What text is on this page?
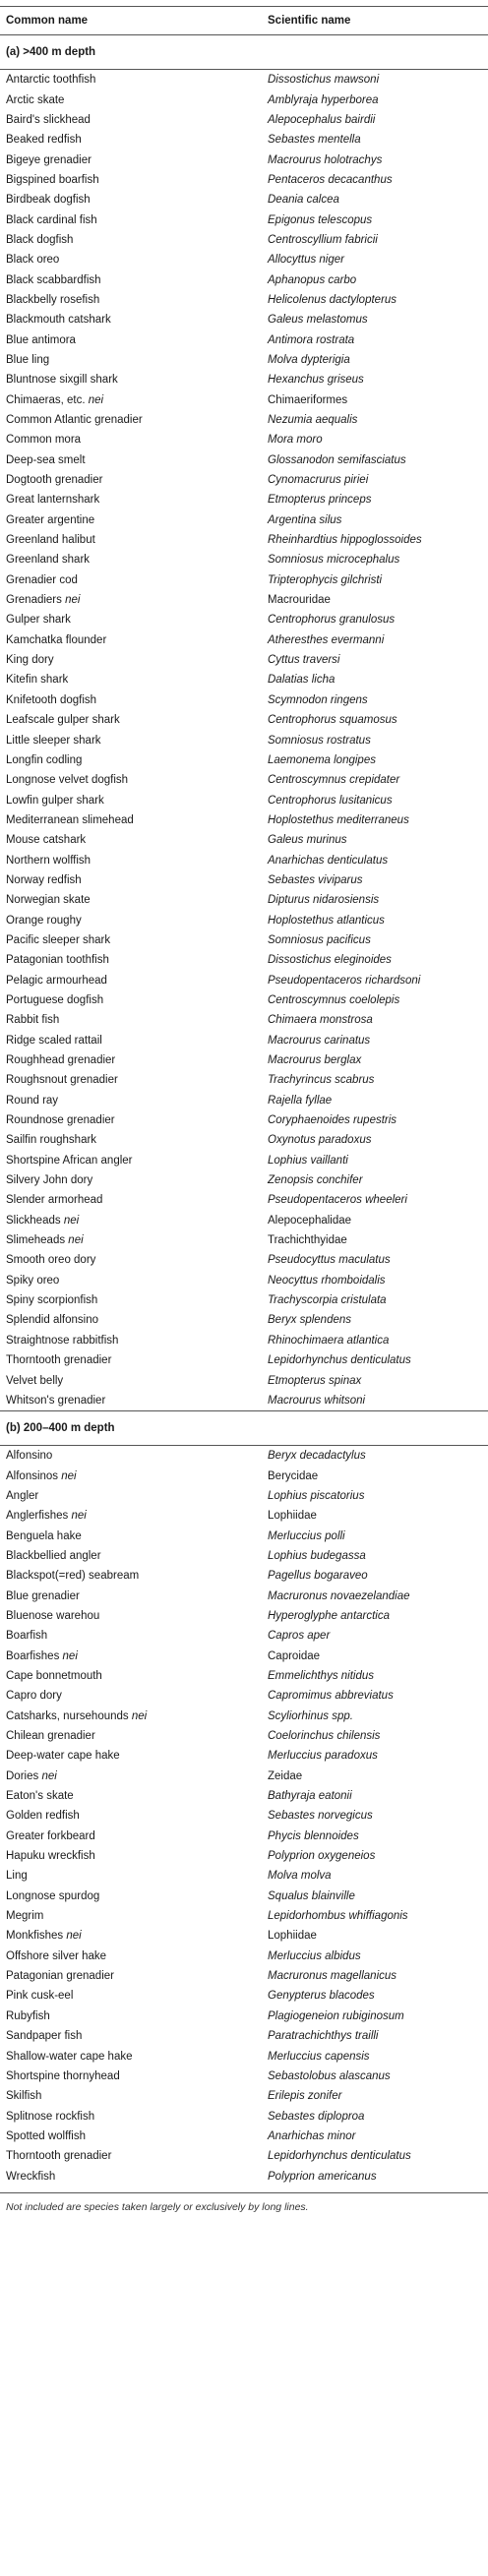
Common name	Scientific name
(a) >400 m depth	
Antarctic toothfish	Dissostichus mawsoni
Arctic skate	Amblyraja hyperborea
Baird's slickhead	Alepocephalus bairdii
Beaked redfish	Sebastes mentella
Bigeye grenadier	Macrourus holotrachys
Bigspined boarfish	Pentaceros decacanthus
Birdbeak dogfish	Deania calcea
Black cardinal fish	Epigonus telescopus
Black dogfish	Centroscyllium fabricii
Black oreo	Allocyttus niger
Black scabbardfish	Aphanopus carbo
Blackbelly rosefish	Helicolenus dactylopterus
Blackmouth catshark	Galeus melastomus
Blue antimora	Antimora rostrata
Blue ling	Molva dypterigia
Bluntnose sixgill shark	Hexanchus griseus
Chimaeras, etc. nei	Chimaeriformes
Common Atlantic grenadier	Nezumia aequalis
Common mora	Mora moro
Deep-sea smelt	Glossanodon semifasciatus
Dogtooth grenadier	Cynomacrurus piriei
Great lanternshark	Etmopterus princeps
Greater argentine	Argentina silus
Greenland halibut	Rheinhardtius hippoglossoides
Greenland shark	Somniosus microcephalus
Grenadier cod	Tripterophycis gilchristi
Grenadiers nei	Macrouridae
Gulper shark	Centrophorus granulosus
Kamchatka flounder	Atheresthes evermanni
King dory	Cyttus traversi
Kitefin shark	Dalatias licha
Knifetooth dogfish	Scymnodon ringens
Leafscale gulper shark	Centrophorus squamosus
Little sleeper shark	Somniosus rostratus
Longfin codling	Laemonema longipes
Longnose velvet dogfish	Centroscymnus crepidater
Lowfin gulper shark	Centrophorus lusitanicus
Mediterranean slimehead	Hoplostethus mediterraneus
Mouse catshark	Galeus murinus
Northern wolffish	Anarhichas denticulatus
Norway redfish	Sebastes viviparus
Norwegian skate	Dipturus nidarosiensis
Orange roughy	Hoplostethus atlanticus
Pacific sleeper shark	Somniosus pacificus
Patagonian toothfish	Dissostichus eleginoides
Pelagic armourhead	Pseudopentaceros richardsoni
Portuguese dogfish	Centroscymnus coelolepis
Rabbit fish	Chimaera monstrosa
Ridge scaled rattail	Macrourus carinatus
Roughhead grenadier	Macrourus berglax
Roughsnout grenadier	Trachyrincus scabrus
Round ray	Rajella fyllae
Roundnose grenadier	Coryphaenoides rupestris
Sailfin roughshark	Oxynotus paradoxus
Shortspine African angler	Lophius vaillanti
Silvery John dory	Zenopsis conchifer
Slender armorhead	Pseudopentaceros wheeleri
Slickheads nei	Alepocephalidae
Slimeheads nei	Trachichthyidae
Smooth oreo dory	Pseudocyttus maculatus
Spiky oreo	Neocyttus rhomboidalis
Spiny scorpionfish	Trachyscorpia cristulata
Splendid alfonsino	Beryx splendens
Straightnose rabbitfish	Rhinochimaera atlantica
Thorntooth grenadier	Lepidorhynchus denticulatus
Velvet belly	Etmopterus spinax
Whitson's grenadier	Macrourus whitsoni
(b) 200–400 m depth	
Alfonsino	Beryx decadactylus
Alfonsinos nei	Berycidae
Angler	Lophius piscatorius
Anglerfishes nei	Lophiidae
Benguela hake	Merluccius polli
Blackbellied angler	Lophius budegassa
Blackspot(=red) seabream	Pagellus bogaraveo
Blue grenadier	Macruronus novaezelandiae
Bluenose warehou	Hyperoglyphe antarctica
Boarfish	Capros aper
Boarfishes nei	Caproidae
Cape bonnetmouth	Emmelichthys nitidus
Capro dory	Capromimus abbreviatus
Catsharks, nursehounds nei	Scyliorhinus spp.
Chilean grenadier	Coelorinchus chilensis
Deep-water cape hake	Merluccius paradoxus
Dories nei	Zeidae
Eaton's skate	Bathyraja eatonii
Golden redfish	Sebastes norvegicus
Greater forkbeard	Phycis blennoides
Hapuku wreckfish	Polyprion oxygeneios
Ling	Molva molva
Longnose spurdog	Squalus blainville
Megrim	Lepidorhombus whiffiagonis
Monkfishes nei	Lophiidae
Offshore silver hake	Merluccius albidus
Patagonian grenadier	Macruronus magellanicus
Pink cusk-eel	Genypterus blacodes
Rubyfish	Plagiogeneion rubiginosum
Sandpaper fish	Paratrachichthys trailli
Shallow-water cape hake	Merluccius capensis
Shortspine thornyhead	Sebastolobus alascanus
Skilfish	Erilepis zonifer
Splitnose rockfish	Sebastes diploproa
Spotted wolffish	Anarhichas minor
Thorntooth grenadier	Lepidorhynchus denticulatus
Wreckfish	Polyprion americanus
Not included are species taken largely or exclusively by long lines.
